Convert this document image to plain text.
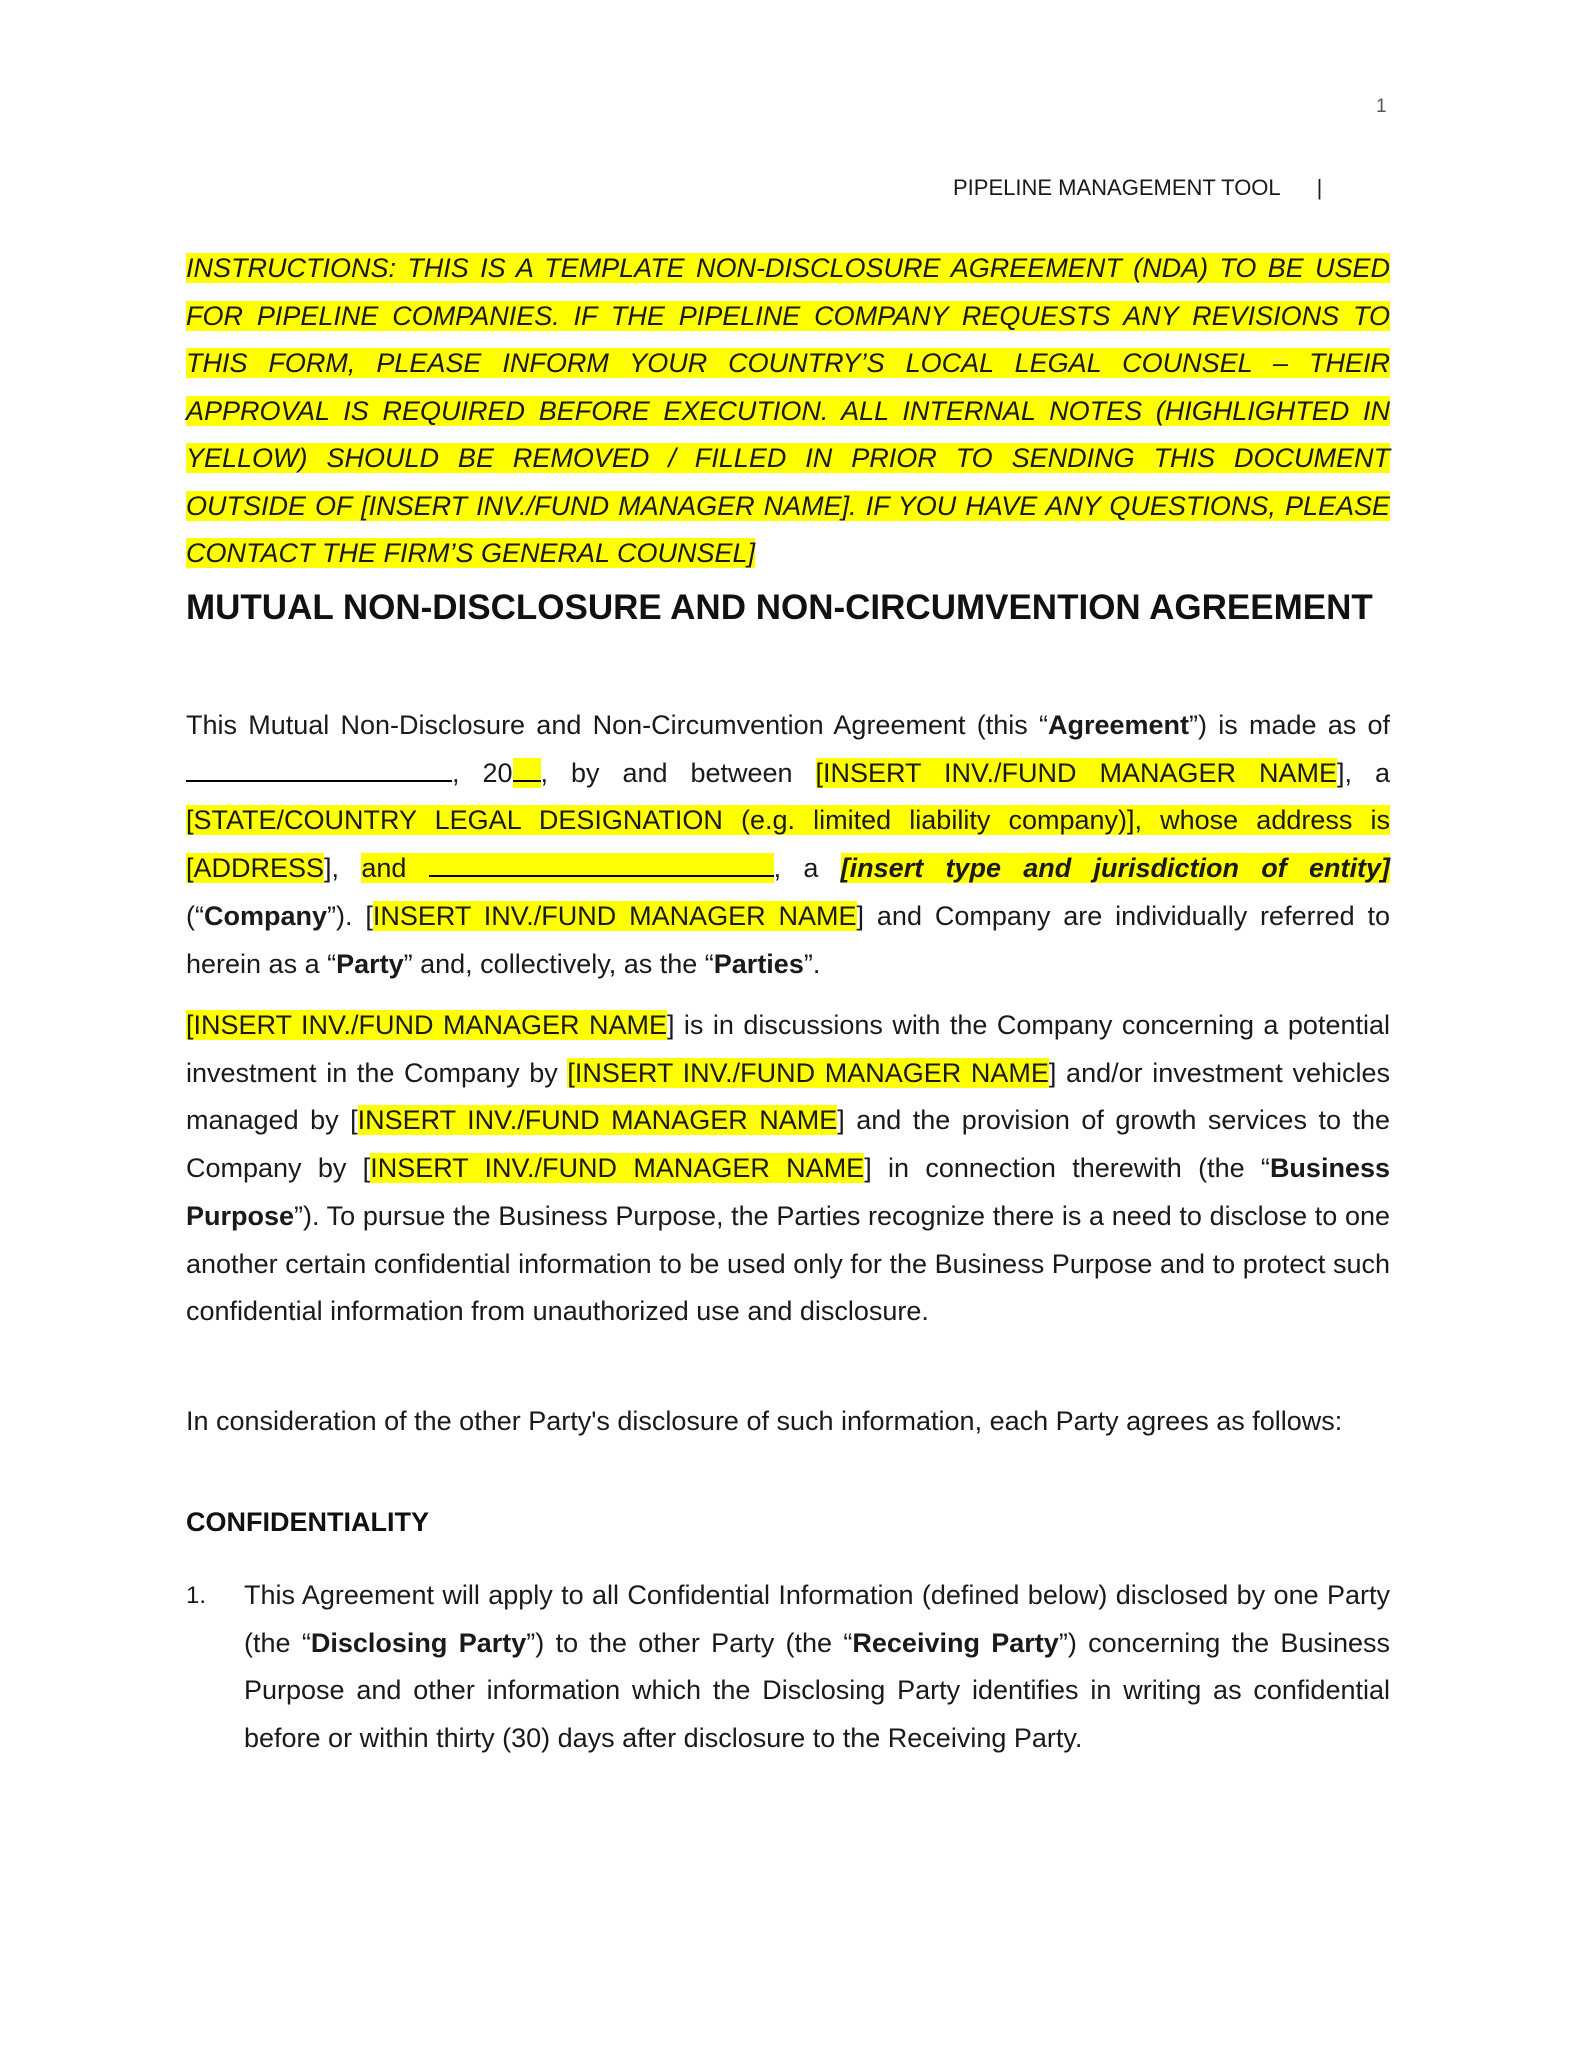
1
PIPELINE MANAGEMENT TOOL |
INSTRUCTIONS: THIS IS A TEMPLATE NON-DISCLOSURE AGREEMENT (NDA) TO BE USED FOR PIPELINE COMPANIES. IF THE PIPELINE COMPANY REQUESTS ANY REVISIONS TO THIS FORM, PLEASE INFORM YOUR COUNTRY’S LOCAL LEGAL COUNSEL – THEIR APPROVAL IS REQUIRED BEFORE EXECUTION. ALL INTERNAL NOTES (HIGHLIGHTED IN YELLOW) SHOULD BE REMOVED / FILLED IN PRIOR TO SENDING THIS DOCUMENT OUTSIDE OF [INSERT INV./FUND MANAGER NAME]. IF YOU HAVE ANY QUESTIONS, PLEASE CONTACT THE FIRM’S GENERAL COUNSEL]
MUTUAL NON-DISCLOSURE AND NON-CIRCUMVENTION AGREEMENT

This Mutual Non-Disclosure and Non-Circumvention Agreement (this “Agreement”) is made as of , 20 , by and between [INSERT INV./FUND MANAGER NAME], a [STATE/COUNTRY LEGAL DESIGNATION (e.g. limited liability company)], whose address is [ADDRESS], and	, a [insert type and jurisdiction of entity] (“Company”). [INSERT INV./FUND MANAGER NAME] and Company are individually referred to herein as a “Party” and, collectively, as the “Parties”.

[INSERT INV./FUND MANAGER NAME] is in discussions with the Company concerning a potential investment in the Company by [INSERT INV./FUND MANAGER NAME] and/or investment vehicles managed by [INSERT INV./FUND MANAGER NAME] and the provision of growth services to the Company by [INSERT INV./FUND MANAGER NAME] in connection therewith (the “Business Purpose”). To pursue the Business Purpose, the Parties recognize there is a need to disclose to one another certain confidential information to be used only for the Business Purpose and to protect such confidential information from unauthorized use and disclosure.

In consideration of the other Party's disclosure of such information, each Party agrees as follows:

CONFIDENTIALITY
1. This Agreement will apply to all Confidential Information (defined below) disclosed by one Party (the “Disclosing Party”) to the other Party (the “Receiving Party”) concerning the Business Purpose and other information which the Disclosing Party identifies in writing as confidential before or within thirty (30) days after disclosure to the Receiving Party.
